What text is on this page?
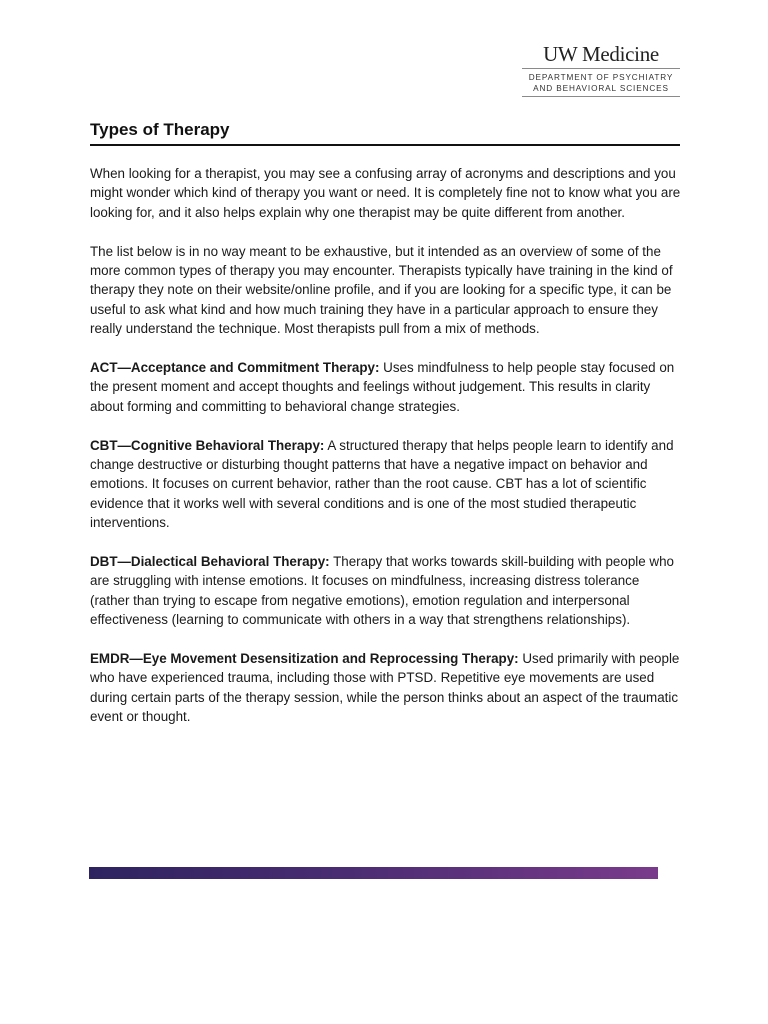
UW Medicine
DEPARTMENT OF PSYCHIATRY
AND BEHAVIORAL SCIENCES
Types of Therapy

When looking for a therapist, you may see a confusing array of acronyms and descriptions and you might wonder which kind of therapy you want or need. It is completely fine not to know what you are looking for, and it also helps explain why one therapist may be quite different from another.

The list below is in no way meant to be exhaustive, but it intended as an overview of some of the more common types of therapy you may encounter. Therapists typically have training in the kind of therapy they note on their website/online profile, and if you are looking for a specific type, it can be useful to ask what kind and how much training they have in a particular approach to ensure they really understand the technique. Most therapists pull from a mix of methods.

ACT—Acceptance and Commitment Therapy: Uses mindfulness to help people stay focused on the present moment and accept thoughts and feelings without judgement. This results in clarity about forming and committing to behavioral change strategies.

CBT—Cognitive Behavioral Therapy: A structured therapy that helps people learn to identify and change destructive or disturbing thought patterns that have a negative impact on behavior and emotions. It focuses on current behavior, rather than the root cause. CBT has a lot of scientific evidence that it works well with several conditions and is one of the most studied therapeutic interventions.

DBT—Dialectical Behavioral Therapy: Therapy that works towards skill-building with people who are struggling with intense emotions. It focuses on mindfulness, increasing distress tolerance (rather than trying to escape from negative emotions), emotion regulation and interpersonal effectiveness (learning to communicate with others in a way that strengthens relationships).

EMDR—Eye Movement Desensitization and Reprocessing Therapy: Used primarily with people who have experienced trauma, including those with PTSD. Repetitive eye movements are used during certain parts of the therapy session, while the person thinks about an aspect of the traumatic event or thought.
